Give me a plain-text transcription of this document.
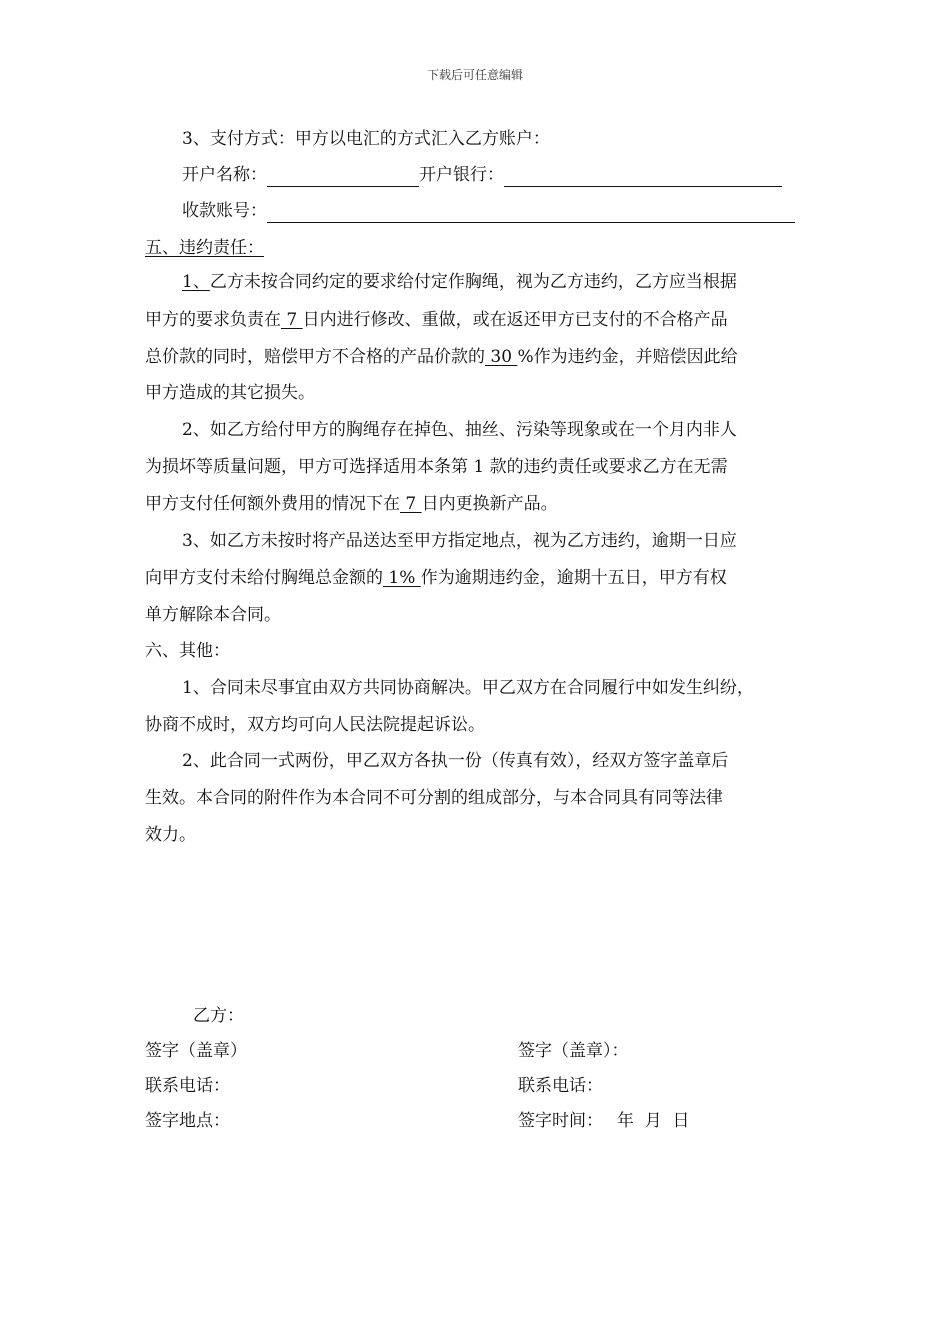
下载后可任意编辑
3、支付方式：甲方以电汇的方式汇入乙方账户：
开户名称：	开户银行：
收款账号：
五、违约责任：
1、乙方未按合同约定的要求给付定作胸绳，视为乙方违约，乙方应当根据
甲方的要求负责在 7 日内进行修改、重做，或在返还甲方已支付的不合格产品
总价款的同时，赔偿甲方不合格的产品价款的 30 %作为违约金，并赔偿因此给
甲方造成的其它损失。
2、如乙方给付甲方的胸绳存在掉色、抽丝、污染等现象或在一个月内非人
为损坏等质量问题，甲方可选择适用本条第 1 款的违约责任或要求乙方在无需
甲方支付任何额外费用的情况下在 7 日内更换新产品。
3、如乙方未按时将产品送达至甲方指定地点，视为乙方违约，逾期一日应
向甲方支付未给付胸绳总金额的 1% 作为逾期违约金，逾期十五日，甲方有权
单方解除本合同。
六、其他：
1、合同未尽事宜由双方共同协商解决。甲乙双方在合同履行中如发生纠纷，
协商不成时，双方均可向人民法院提起诉讼。
2、此合同一式两份，甲乙双方各执一份（传真有效），经双方签字盖章后
生效。本合同的附件作为本合同不可分割的组成部分，与本合同具有同等法律
效力。
乙方：
签字（盖章）	签字（盖章）：
联系电话：	联系电话：
签字地点：	签字时间：　 年  月  日
